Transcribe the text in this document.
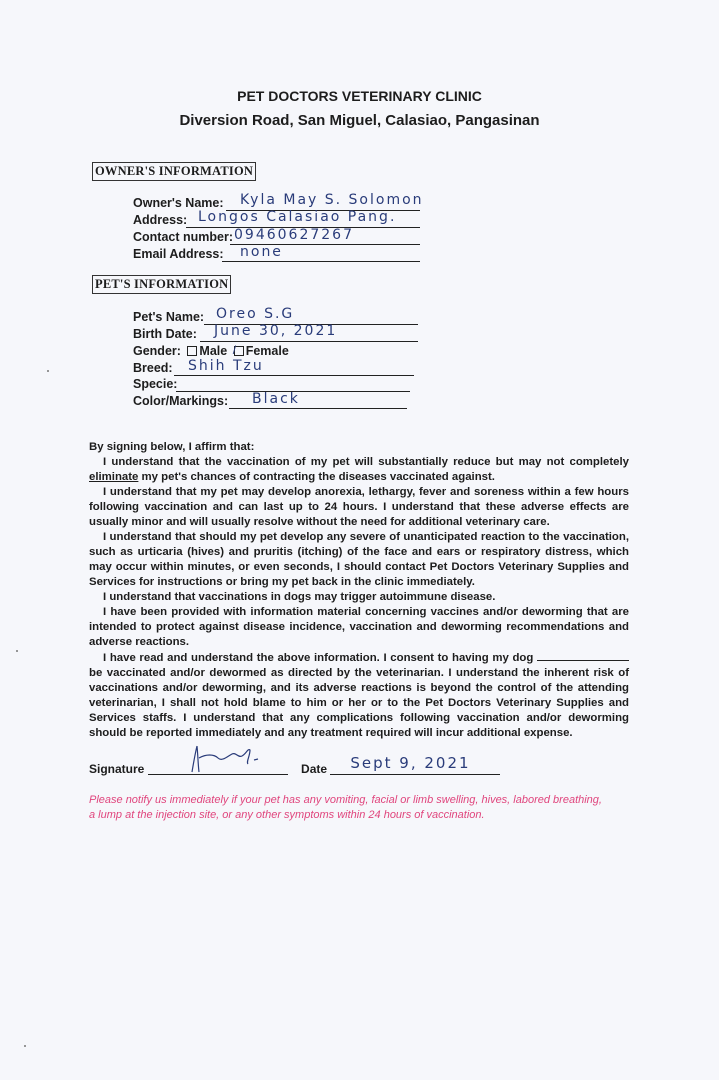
PET DOCTORS VETERINARY CLINIC
Diversion Road, San Miguel, Calasiao, Pangasinan
OWNER'S INFORMATION
Owner's Name: Kyla May S. Solomon
Address: Longos Calasiao Pang.
Contact number: 09460627267
Email Address: none
PET'S INFORMATION
Pet's Name: Oreo S.G
Birth Date: June 30, 2021
Gender: Male / Female
Breed: Shih Tzu
Specie:
Color/Markings: Black

By signing below, I affirm that:

I understand that the vaccination of my pet will substantially reduce but may not completely eliminate my pet's chances of contracting the diseases vaccinated against.

I understand that my pet may develop anorexia, lethargy, fever and soreness within a few hours following vaccination and can last up to 24 hours. I understand that these adverse effects are usually minor and will usually resolve without the need for additional veterinary care.

I understand that should my pet develop any severe of unanticipated reaction to the vaccination, such as urticaria (hives) and pruritis (itching) of the face and ears or respiratory distress, which may occur within minutes, or even seconds, I should contact Pet Doctors Veterinary Supplies and Services for instructions or bring my pet back in the clinic immediately.

I understand that vaccinations in dogs may trigger autoimmune disease.

I have been provided with information material concerning vaccines and/or deworming that are intended to protect against disease incidence, vaccination and deworming recommendations and adverse reactions.

I have read and understand the above information. I consent to having my dog  be vaccinated and/or dewormed as directed by the veterinarian. I understand the inherent risk of vaccinations and/or deworming, and its adverse reactions is beyond the control of the attending veterinarian, I shall not hold blame to him or her or to the Pet Doctors Veterinary Supplies and Services staffs. I understand that any complications following vaccination and/or deworming should be reported immediately and any treatment required will incur additional expense.

Signature	Date Sept 9, 2021
Please notify us immediately if your pet has any vomiting, facial or limb swelling, hives, labored breathing, a lump at the injection site, or any other symptoms within 24 hours of vaccination.
